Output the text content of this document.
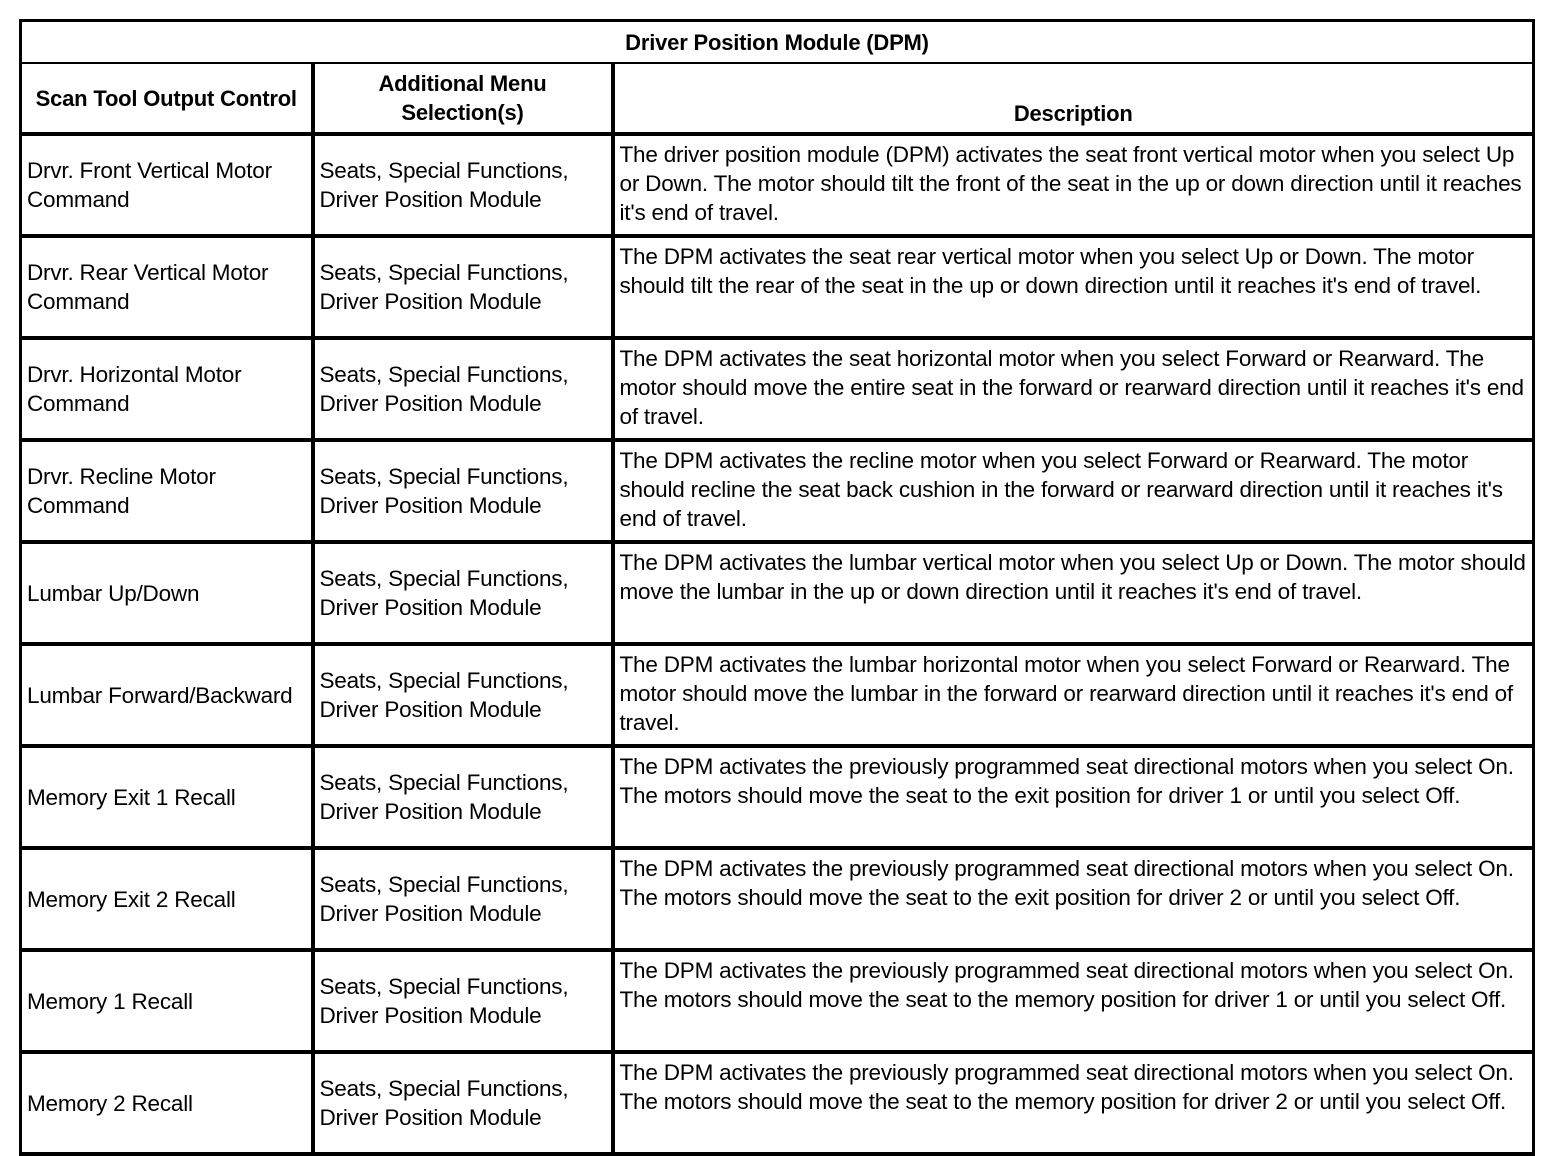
Driver Position Module (DPM)		
Scan Tool Output Control	Additional Menu Selection(s)	Description
Drvr. Front Vertical Motor Command	Seats, Special Functions, Driver Position Module	The driver position module (DPM) activates the seat front vertical motor when you select Up or Down. The motor should tilt the front of the seat in the up or down direction until it reaches it's end of travel.
Drvr. Rear Vertical Motor Command	Seats, Special Functions, Driver Position Module	The DPM activates the seat rear vertical motor when you select Up or Down. The motor should tilt the rear of the seat in the up or down direction until it reaches it's end of travel.
Drvr. Horizontal Motor Command	Seats, Special Functions, Driver Position Module	The DPM activates the seat horizontal motor when you select Forward or Rearward. The motor should move the entire seat in the forward or rearward direction until it reaches it's end of travel.
Drvr. Recline Motor Command	Seats, Special Functions, Driver Position Module	The DPM activates the recline motor when you select Forward or Rearward. The motor should recline the seat back cushion in the forward or rearward direction until it reaches it's end of travel.
Lumbar Up/Down	Seats, Special Functions, Driver Position Module	The DPM activates the lumbar vertical motor when you select Up or Down. The motor should move the lumbar in the up or down direction until it reaches it's end of travel.
Lumbar Forward/Backward	Seats, Special Functions, Driver Position Module	The DPM activates the lumbar horizontal motor when you select Forward or Rearward. The motor should move the lumbar in the forward or rearward direction until it reaches it's end of travel.
Memory Exit 1 Recall	Seats, Special Functions, Driver Position Module	The DPM activates the previously programmed seat directional motors when you select On. The motors should move the seat to the exit position for driver 1 or until you select Off.
Memory Exit 2 Recall	Seats, Special Functions, Driver Position Module	The DPM activates the previously programmed seat directional motors when you select On. The motors should move the seat to the exit position for driver 2 or until you select Off.
Memory 1 Recall	Seats, Special Functions, Driver Position Module	The DPM activates the previously programmed seat directional motors when you select On. The motors should move the seat to the memory position for driver 1 or until you select Off.
Memory 2 Recall	Seats, Special Functions, Driver Position Module	The DPM activates the previously programmed seat directional motors when you select On. The motors should move the seat to the memory position for driver 2 or until you select Off.
